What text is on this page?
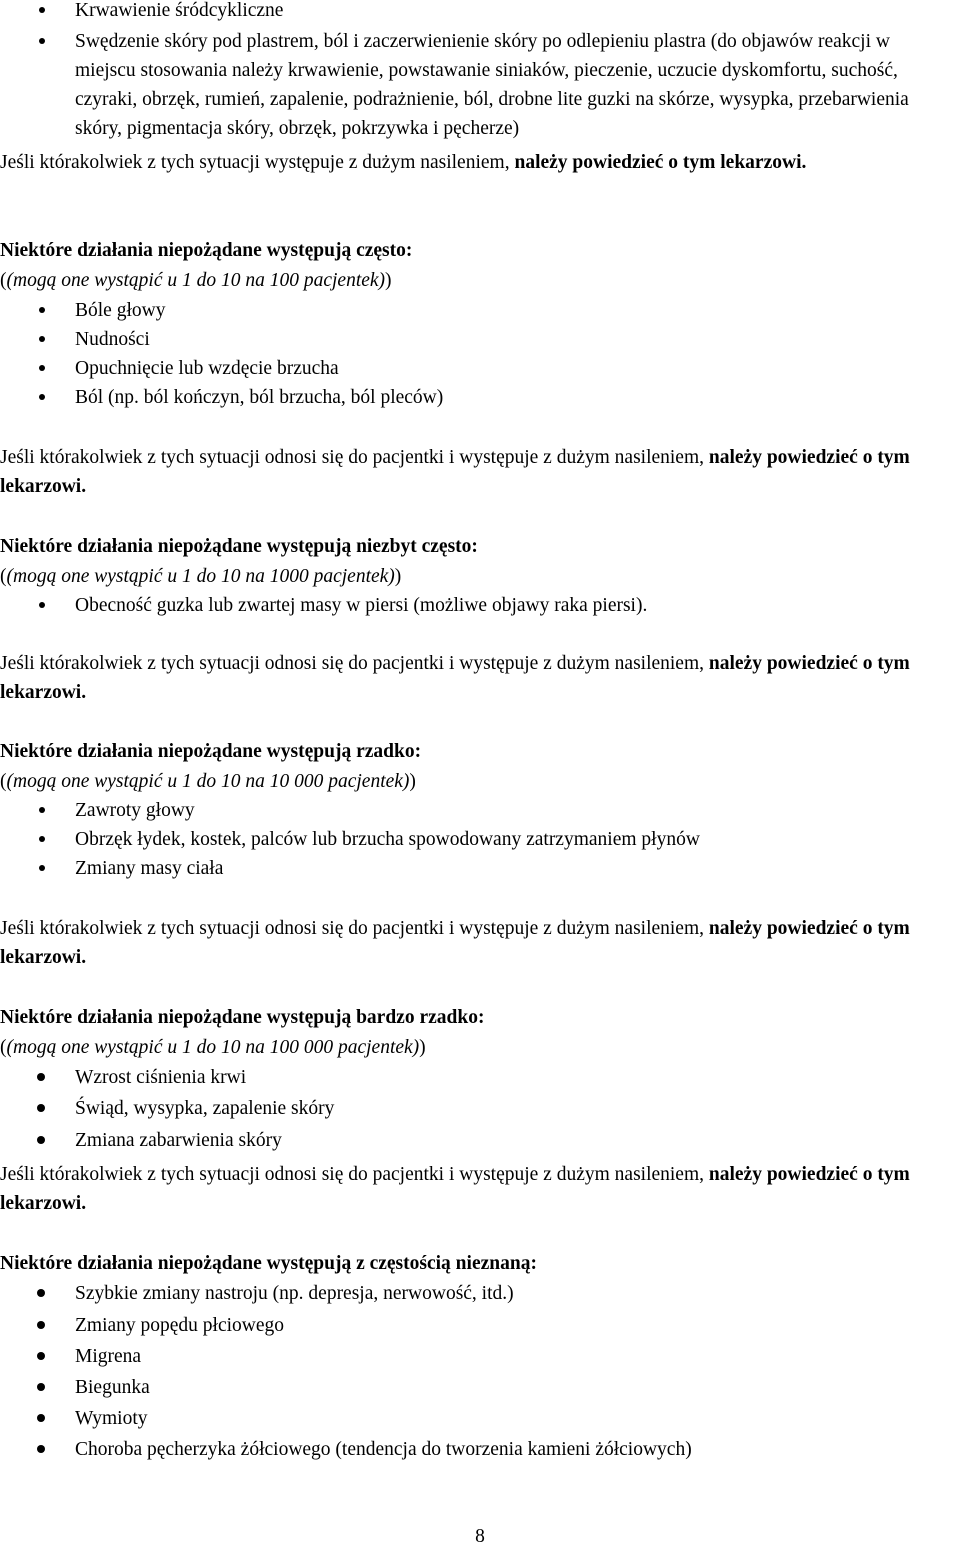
Krwawienie śródcykliczne
Swędzenie skóry pod plastrem, ból i zaczerwienienie skóry po odlepieniu plastra (do objawów reakcji w miejscu stosowania należy krwawienie, powstawanie siniaków, pieczenie, uczucie dyskomfortu, suchość, czyraki, obrzęk, rumień, zapalenie, podrażnienie, ból, drobne lite guzki na skórze, wysypka, przebarwienia skóry, pigmentacja skóry, obrzęk, pokrzywka i pęcherze)

Jeśli którakolwiek z tych sytuacji występuje z dużym nasileniem, należy powiedzieć o tym lekarzowi.

Niektóre działania niepożądane występują często:

((mogą one wystąpić u 1 do 10 na 100 pacjentek))

Bóle głowy
Nudności
Opuchnięcie lub wzdęcie brzucha
Ból (np. ból kończyn, ból brzucha, ból pleców)

Jeśli którakolwiek z tych sytuacji odnosi się do pacjentki i występuje z dużym nasileniem, należy powiedzieć o tym lekarzowi.

Niektóre działania niepożądane występują niezbyt często:

((mogą one wystąpić u 1 do 10 na 1000 pacjentek))

Obecność guzka lub zwartej masy w piersi (możliwe objawy raka piersi).

Jeśli którakolwiek z tych sytuacji odnosi się do pacjentki i występuje z dużym nasileniem, należy powiedzieć o tym lekarzowi.

Niektóre działania niepożądane występują rzadko:

((mogą one wystąpić u 1 do 10 na 10 000 pacjentek))

Zawroty głowy
Obrzęk łydek, kostek, palców lub brzucha spowodowany zatrzymaniem płynów
Zmiany masy ciała

Jeśli którakolwiek z tych sytuacji odnosi się do pacjentki i występuje z dużym nasileniem, należy powiedzieć o tym lekarzowi.

Niektóre działania niepożądane występują bardzo rzadko:

((mogą one wystąpić u 1 do 10 na 100 000 pacjentek))

Wzrost ciśnienia krwi
Świąd, wysypka, zapalenie skóry
Zmiana zabarwienia skóry

Jeśli którakolwiek z tych sytuacji odnosi się do pacjentki i występuje z dużym nasileniem, należy powiedzieć o tym lekarzowi.

Niektóre działania niepożądane występują z częstością nieznaną:

Szybkie zmiany nastroju (np. depresja, nerwowość, itd.)
Zmiany popędu płciowego
Migrena
Biegunka
Wymioty
Choroba pęcherzyka żółciowego (tendencja do tworzenia kamieni żółciowych)
8
